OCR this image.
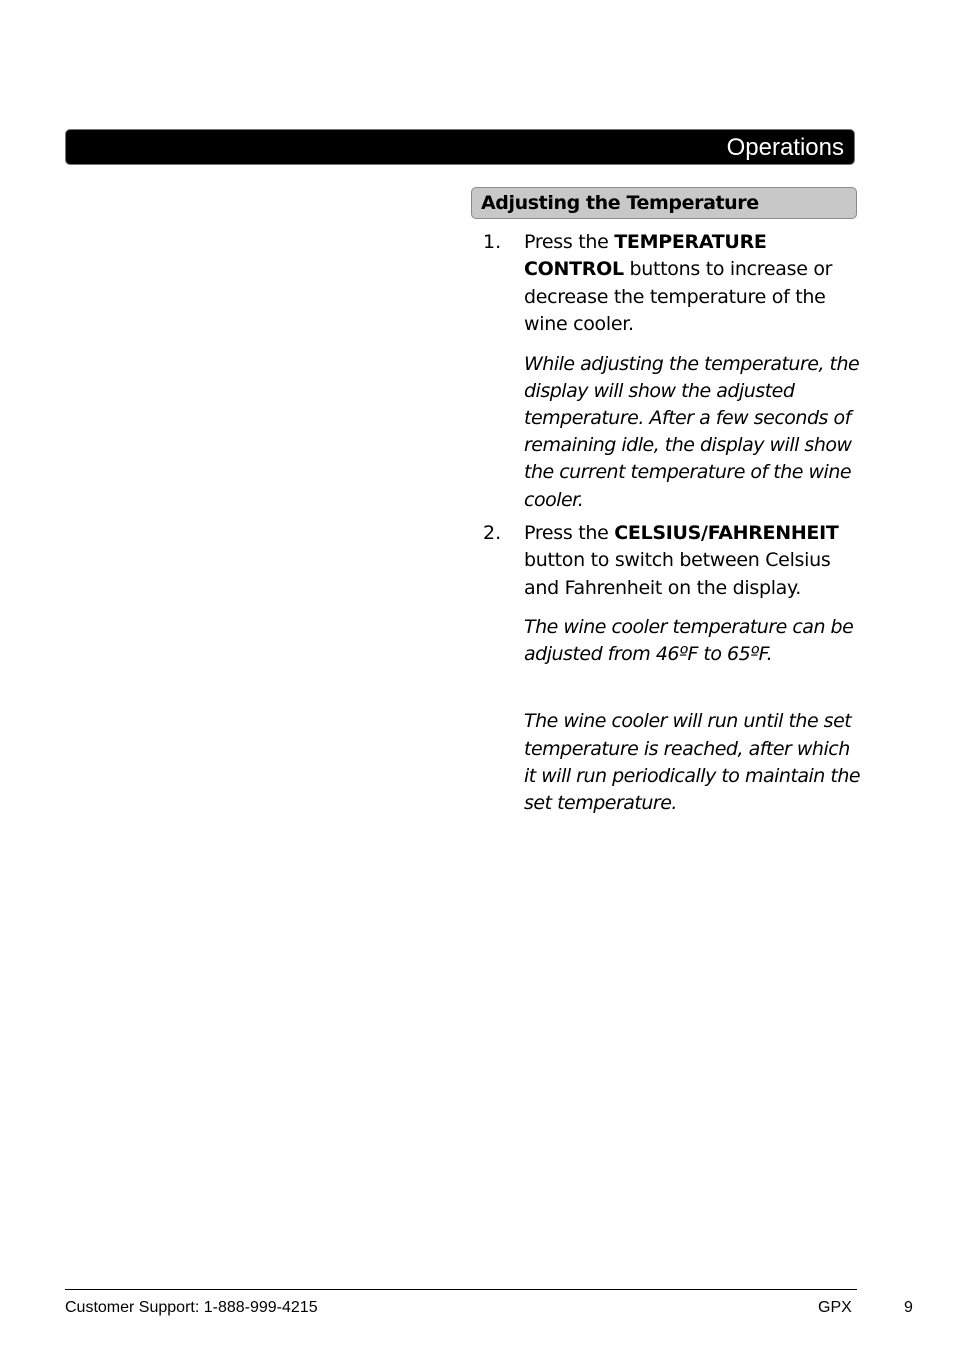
Operations
Adjusting the Temperature
1. Press the TEMPERATURE CONTROL buttons to increase or decrease the temperature of the wine cooler.
While adjusting the temperature, the display will show the adjusted temperature. After a few seconds of remaining idle, the display will show the current temperature of the wine cooler.
2. Press the CELSIUS/FAHRENHEIT button to switch between Celsius and Fahrenheit on the display.
The wine cooler temperature can be adjusted from 46ºF to 65ºF.
The wine cooler will run until the set temperature is reached, after which it will run periodically to maintain the set temperature.
Customer Support: 1-888-999-4215	GPX	9
